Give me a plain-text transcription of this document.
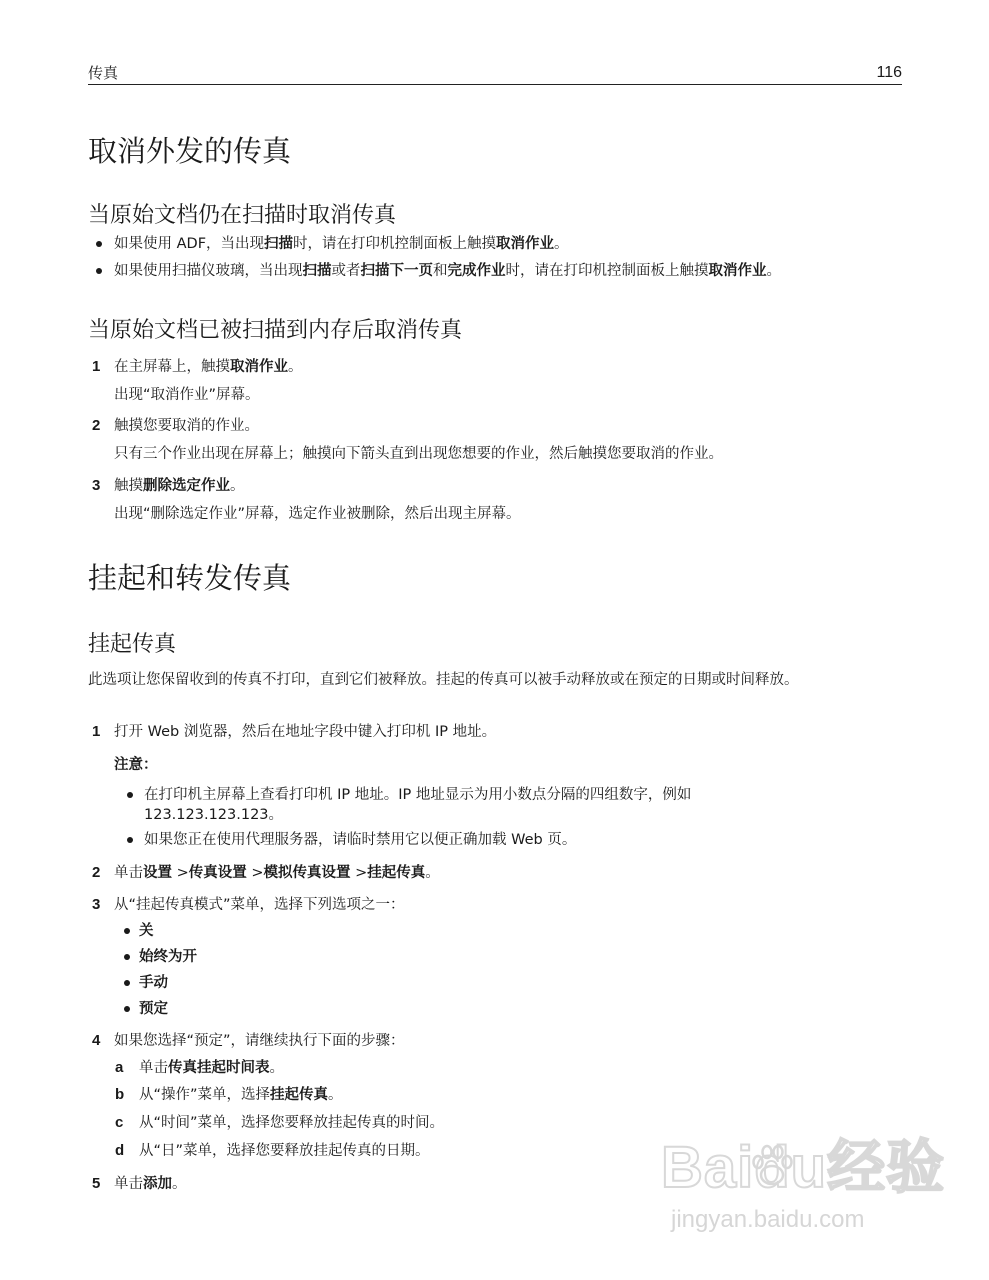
传真	116
取消外发的传真
当原始文档仍在扫描时取消传真
如果使用 ADF，当出现扫描时，请在打印机控制面板上触摸取消作业。
如果使用扫描仪玻璃，当出现扫描或者扫描下一页和完成作业时，请在打印机控制面板上触摸取消作业。
当原始文档已被扫描到内存后取消传真
1 在主屏幕上，触摸取消作业。
出现“取消作业”屏幕。
2 触摸您要取消的作业。
只有三个作业出现在屏幕上；触摸向下箭头直到出现您想要的作业，然后触摸您要取消的作业。
3 触摸删除选定作业。
出现“删除选定作业”屏幕，选定作业被删除，然后出现主屏幕。
挂起和转发传真
挂起传真
此选项让您保留收到的传真不打印，直到它们被释放。挂起的传真可以被手动释放或在预定的日期或时间释放。
1 打开 Web 浏览器，然后在地址字段中键入打印机 IP 地址。
注意：
在打印机主屏幕上查看打印机 IP 地址。IP 地址显示为用小数点分隔的四组数字，例如 123.123.123.123。
如果您正在使用代理服务器，请临时禁用它以便正确加载 Web 页。
2 单击设置 >传真设置 >模拟传真设置 >挂起传真。
3 从“挂起传真模式”菜单，选择下列选项之一：
关
始终为开
手动
预定
4 如果您选择“预定”，请继续执行下面的步骤：
a 单击传真挂起时间表。
b 从“操作”菜单，选择挂起传真。
c 从“时间”菜单，选择您要释放挂起传真的时间。
d 从“日”菜单，选择您要释放挂起传真的日期。
5 单击添加。	Baidu经验
jingyan.baidu.com
